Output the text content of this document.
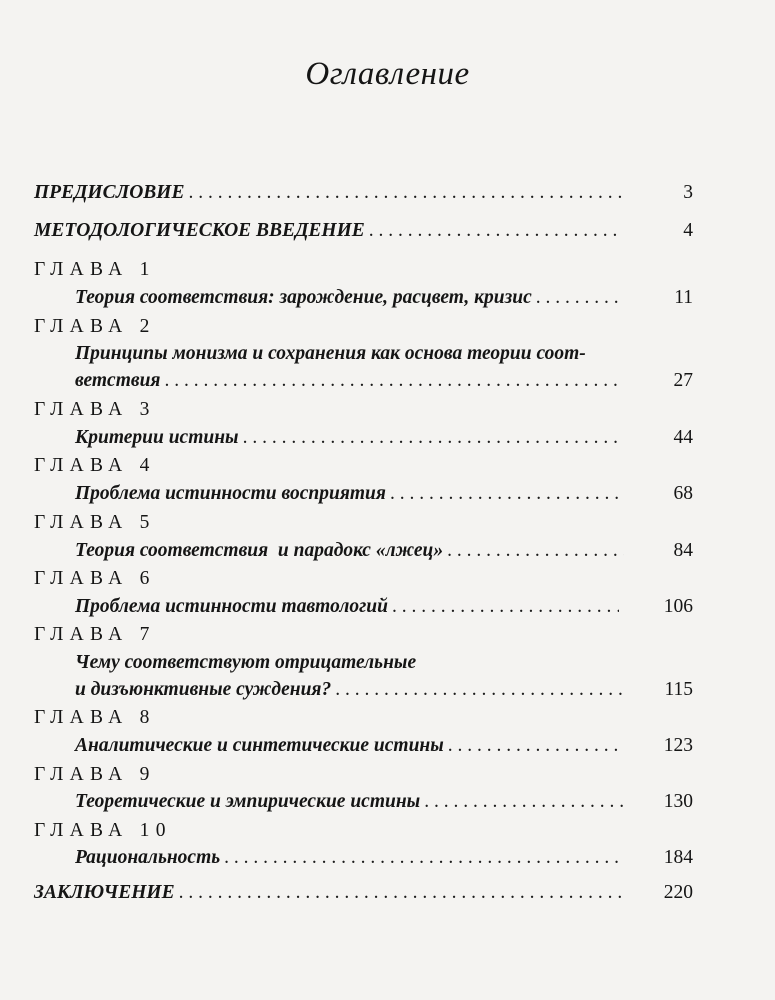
Оглавление
ПРЕДИСЛОВИЕ . . .	3
МЕТОДОЛОГИЧЕСКОЕ ВВЕДЕНИЕ . . .	4
ГЛАВА 1
Теория соответствия: зарождение, расцвет, кризис . . .	11
ГЛАВА 2
Принципы монизма и сохранения как основа теории соот-
ветствия . . .	27
ГЛАВА 3
Критерии истины . . .	44
ГЛАВА 4
Проблема истинности восприятия . . .	68
ГЛАВА 5
Теория соответствия  и парадокс «лжец» . . .	84
ГЛАВА 6
Проблема истинности тавтологий . . .	106
ГЛАВА 7
Чему соответствуют отрицательные
и дизъюнктивные суждения? . . .	115
ГЛАВА 8
Аналитические и синтетические истины . . .	123
ГЛАВА 9
Теоретические и эмпирические истины . . .	130
ГЛАВА 10
Рациональность . . .	184
ЗАКЛЮЧЕНИЕ . . .	220
